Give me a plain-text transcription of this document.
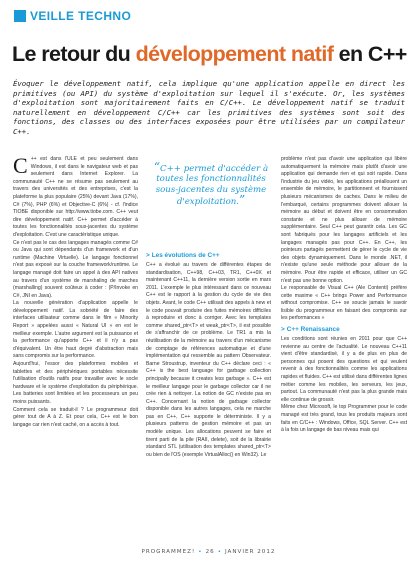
VEILLE TECHNO
Le retour du développement natif en C++

Évoquer le développement natif, cela implique qu'une application appelle en direct les primitives (ou API) du système d'exploitation sur lequel il s'exécute. Or, les systèmes d'exploitation sont majoritairement faits en C/C++. Le développement natif se traduit naturellement en développement C/C++ car les primitives des systèmes sont soit des fonctions, des classes ou des interfaces exposées pour être utilisées par un compilateur C++.

C ++ est dans l'ULE et peu seulement dans Windows, il est dans le navigateur web et pas seulement dans Internet Explorer. La communauté C++ ne se résume pas seulement au travers des universités et des entreprises, c'est la plateforme la plus populaire (25%) devant Java (17%), C# (7%), PHP (6%) et Objective-C (6%) - cf. l'indice TIOBE disponible sur http://www.tiobe.com. C++ veut dire développement natif. C++ permet d'accéder à toutes les fonctionnalités sous-jacentes du système d'exploitation. C'est une caractéristique unique.

Ce n'est pas le cas des langages managés comme C# ou Java qui sont dépendants d'un framework et d'un runtime (Machine Virtuelle). Le langage fonctionnel n'est pas exposé sur la couche framework/runtime. Le langage managé doit faire un appel à des API natives au travers d'un système de marshaling de marches (marshalling) souvent coûteux à coder : (P/Invoke en C#, JNI en Java).

La nouvelle génération d'application appelle le développement natif. La sobriété de faire des interfaces utilisateur comme dans le film « Minority Report » appelées aussi « Natural UI » en est le meilleur exemple. L'autre argument est la puissance et la performance qu'apporte C++ et il n'y a pas d'équivalent. Un être haut degré d'abstraction mais sans compromis sur la performance.

Aujourd'hui, l'essor des plateformes mobiles et tablettes et des périphériques portables nécessite l'utilisation d'outils natifs pour travailler avec le socle hardware et le système d'exploitation du périphérique. Les batteries sont limitées et les processeurs un peu moins puissants.

Comment cela se traduit-il ? Le programmeur doit gérer tout de A à Z. Et pour cela, C++ est le bon langage car rien n'est caché, on a accès à tout.

“C++ permet d'accéder à toutes les fonctionnalités sous-jacentes du système d'exploitation.”
> Les évolutions de C++

C++ a évolué au travers de différentes étapes de standardisation, C++98, C++03, TR1, C++0X et maintenant C++11, la dernière version sortie en mars 2011. L'exemple le plus intéressant dans ce nouveau C++ est le rapport à la gestion du cycle de vie des objets. Avant, le code C++ utilisait des appels à new et le code pouvait produire des fuites mémoires difficiles à reproduire et donc à corriger. Avec les templates comme shared_ptr<T> et weak_ptr<T>, il est possible de s'affranchir de ce problème. Le TR1 a mis la réutilisation de la mémoire au travers d'un mécanisme de comptage de références automatique et d'une implémentation qui ressemble au pattern Observateur. Barne Stroustrup, inventeur du C++ déclare ceci : « C++ is the best language for garbage collection principally because it creates less garbage ». C++ est le meilleur langage pour le garbage collector car il ne crée rien à nettoyer. La notion de GC n'existe pas en C++. Concernant la notion de garbage collector disponible dans les autres langages, cela ne marche pas en C++, C++ supporte le déterministe. Il y a plusieurs patterns de gestion mémoire et pas un modèle unique. Les allocations peuvent se faire et tirent parti de la pile (RAII, delete), soit de la librairie standard STL (utilisation des templates shared_ptr<T> ou bien de l'OS (exemple VirtualAlloc() en Win32). Le

problème n'est pas d'avoir une application qui libère automatiquement la mémoire mais plutôt d'avoir une application qui demande rien et qui soit rapide. Dans l'industrie du jeu vidéo, les applications préallouent un ensemble de mémoire, le partitionnent et fournissent plusieurs mécanismes de caches. Dans le milieu de l'embarqué, certains programmes doivent allouer la mémoire au début et doivent être en consommation constante et ne plus allouer de mémoire supplémentaire. Seul C++ peut garantir cela. Les GC sont fabriqués pour les langages artificiels et les langages managés pas pour C++. En C++, les pointeurs partagés permettent de gérer le cycle de vie des objets dynamiquement. Dans le monde .NET, il n'existe qu'une seule méthode pour allouer de la mémoire. Pour être rapide et efficace, utiliser un GC n'est pas une bonne option.

Le responsable de Visual C++ (Ale Contenti) préfère cette maxime « C++ brings Power and Performance without compromise. C++ se soucie jamais le savoir lisible du programmeur en faisant des compromis sur les performances »

> C++ Renaissance

Les conditions sont réunies en 2011 pour que C++ revienne au centre de l'actualité. Le nouveau C++11 vient d'être standardisé, il y a de plus en plus de personnes qui posent des questions et qui veulent revenir à des fonctionnalités comme les applications rapides et fluides. C++ est utilisé dans différentes lignes métier comme les mobiles, les serveurs, les jeux, partout. La communauté n'est pas la plus grande mais elle continue de grossir.

Même chez Microsoft, le top Programmer pour le code managé est très grand, tous les produits majeurs sont faits en C/C++ : Windows, Office, SQL Server. C++ est à la fois un langage de bas niveau mais qui

PROGRAMMEZ! • 26 • JANVIER 2012
